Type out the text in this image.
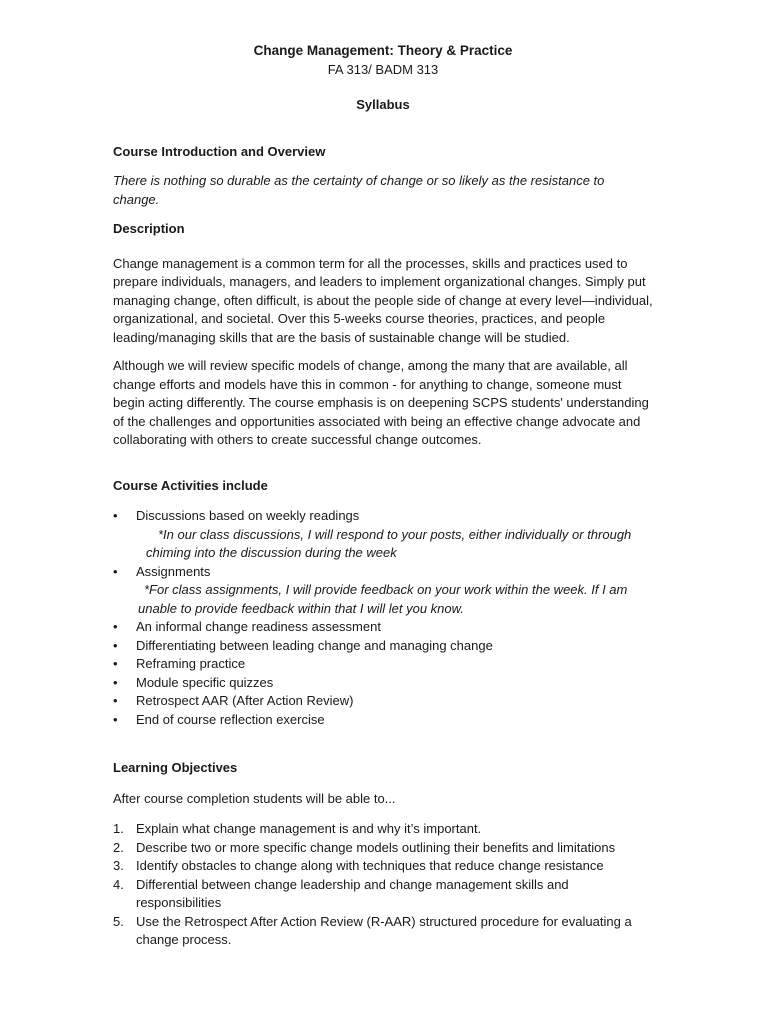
Change Management: Theory & Practice

FA 313/ BADM 313

Syllabus

Course Introduction and Overview

There is nothing so durable as the certainty of change or so likely as the resistance to change.

Description

Change management is a common term for all the processes, skills and practices used to prepare individuals, managers, and leaders to implement organizational changes. Simply put managing change, often difficult, is about the people side of change at every level—individual, organizational, and societal. Over this 5-weeks course theories, practices, and people leading/managing skills that are the basis of sustainable change will be studied.

Although we will review specific models of change, among the many that are available, all change efforts and models have this in common - for anything to change, someone must begin acting differently. The course emphasis is on deepening SCPS students' understanding of the challenges and opportunities associated with being an effective change advocate and collaborating with others to create successful change outcomes.

Course Activities include

• Discussions based on weekly readings
*In our class discussions, I will respond to your posts, either individually or through chiming into the discussion during the week
• Assignments
*For class assignments, I will provide feedback on your work within the week. If I am unable to provide feedback within that I will let you know.
• An informal change readiness assessment
• Differentiating between leading change and managing change
• Reframing practice
• Module specific quizzes
• Retrospect AAR (After Action Review)
• End of course reflection exercise

Learning Objectives

After course completion students will be able to...

1. Explain what change management is and why it’s important.
2. Describe two or more specific change models outlining their benefits and limitations
3. Identify obstacles to change along with techniques that reduce change resistance
4. Differential between change leadership and change management skills and responsibilities
5. Use the Retrospect After Action Review (R-AAR) structured procedure for evaluating a change process.
